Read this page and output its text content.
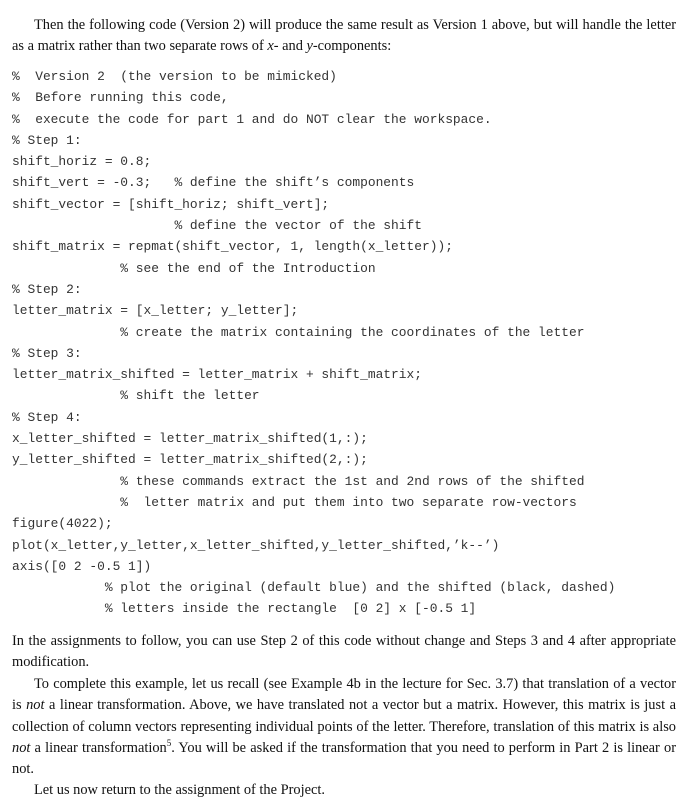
Then the following code (Version 2) will produce the same result as Version 1 above, but will handle the letter as a matrix rather than two separate rows of x- and y-components:

%  Version 2  (the version to be mimicked)
%  Before running this code,
%  execute the code for part 1 and do NOT clear the workspace.
% Step 1:
shift_horiz = 0.8;
shift_vert = -0.3;   % define the shift’s components
shift_vector = [shift_horiz; shift_vert];
% define the vector of the shift
shift_matrix = repmat(shift_vector, 1, length(x_letter));
% see the end of the Introduction
% Step 2:
letter_matrix = [x_letter; y_letter];
% create the matrix containing the coordinates of the letter
% Step 3:
letter_matrix_shifted = letter_matrix + shift_matrix;
% shift the letter
% Step 4:
x_letter_shifted = letter_matrix_shifted(1,:);
y_letter_shifted = letter_matrix_shifted(2,:);
% these commands extract the 1st and 2nd rows of the shifted
%  letter matrix and put them into two separate row-vectors
figure(4022);
plot(x_letter,y_letter,x_letter_shifted,y_letter_shifted,’k--’)
axis([0 2 -0.5 1])
% plot the original (default blue) and the shifted (black, dashed)
% letters inside the rectangle  [0 2] x [-0.5 1]

In the assignments to follow, you can use Step 2 of this code without change and Steps 3 and 4 after appropriate modification.

To complete this example, let us recall (see Example 4b in the lecture for Sec. 3.7) that translation of a vector is not a linear transformation. Above, we have translated not a vector but a matrix. However, this matrix is just a collection of column vectors representing individual points of the letter. Therefore, translation of this matrix is also not a linear transformation$^5$. You will be asked if the transformation that you need to perform in Part 2 is linear or not.

Let us now return to the assignment of the Project.
